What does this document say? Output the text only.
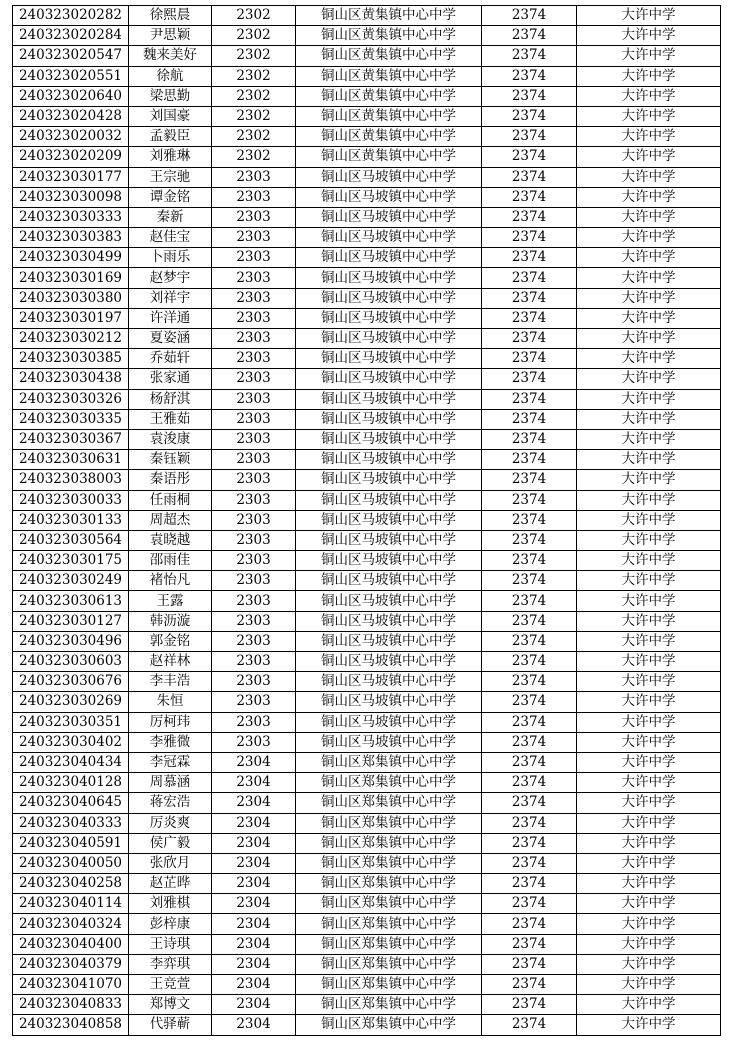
240323020282	徐熙晨	2302	铜山区黄集镇中心中学	2374	大许中学
240323020284	尹思颖	2302	铜山区黄集镇中心中学	2374	大许中学
240323020547	魏来美好	2302	铜山区黄集镇中心中学	2374	大许中学
240323020551	徐航	2302	铜山区黄集镇中心中学	2374	大许中学
240323020640	梁思勤	2302	铜山区黄集镇中心中学	2374	大许中学
240323020428	刘国豪	2302	铜山区黄集镇中心中学	2374	大许中学
240323020032	孟毅臣	2302	铜山区黄集镇中心中学	2374	大许中学
240323020209	刘雅琳	2302	铜山区黄集镇中心中学	2374	大许中学
240323030177	王宗驰	2303	铜山区马坡镇中心中学	2374	大许中学
240323030098	谭金铭	2303	铜山区马坡镇中心中学	2374	大许中学
240323030333	秦新	2303	铜山区马坡镇中心中学	2374	大许中学
240323030383	赵佳宝	2303	铜山区马坡镇中心中学	2374	大许中学
240323030499	卜雨乐	2303	铜山区马坡镇中心中学	2374	大许中学
240323030169	赵梦宇	2303	铜山区马坡镇中心中学	2374	大许中学
240323030380	刘祥宇	2303	铜山区马坡镇中心中学	2374	大许中学
240323030197	许洋通	2303	铜山区马坡镇中心中学	2374	大许中学
240323030212	夏姿涵	2303	铜山区马坡镇中心中学	2374	大许中学
240323030385	乔茹轩	2303	铜山区马坡镇中心中学	2374	大许中学
240323030438	张家通	2303	铜山区马坡镇中心中学	2374	大许中学
240323030326	杨舒淇	2303	铜山区马坡镇中心中学	2374	大许中学
240323030335	王雅茹	2303	铜山区马坡镇中心中学	2374	大许中学
240323030367	袁浚康	2303	铜山区马坡镇中心中学	2374	大许中学
240323030631	秦钰颖	2303	铜山区马坡镇中心中学	2374	大许中学
240323038003	秦语彤	2303	铜山区马坡镇中心中学	2374	大许中学
240323030033	任雨桐	2303	铜山区马坡镇中心中学	2374	大许中学
240323030133	周超杰	2303	铜山区马坡镇中心中学	2374	大许中学
240323030564	袁晓越	2303	铜山区马坡镇中心中学	2374	大许中学
240323030175	邵雨佳	2303	铜山区马坡镇中心中学	2374	大许中学
240323030249	褚怡凡	2303	铜山区马坡镇中心中学	2374	大许中学
240323030613	王露	2303	铜山区马坡镇中心中学	2374	大许中学
240323030127	韩沥漩	2303	铜山区马坡镇中心中学	2374	大许中学
240323030496	郭金铭	2303	铜山区马坡镇中心中学	2374	大许中学
240323030603	赵祥林	2303	铜山区马坡镇中心中学	2374	大许中学
240323030676	李丰浩	2303	铜山区马坡镇中心中学	2374	大许中学
240323030269	朱恒	2303	铜山区马坡镇中心中学	2374	大许中学
240323030351	厉柯玮	2303	铜山区马坡镇中心中学	2374	大许中学
240323030402	李雅微	2303	铜山区马坡镇中心中学	2374	大许中学
240323040434	李冠霖	2304	铜山区郑集镇中心中学	2374	大许中学
240323040128	周慕涵	2304	铜山区郑集镇中心中学	2374	大许中学
240323040645	蒋宏浩	2304	铜山区郑集镇中心中学	2374	大许中学
240323040333	厉炎爽	2304	铜山区郑集镇中心中学	2374	大许中学
240323040591	侯广毅	2304	铜山区郑集镇中心中学	2374	大许中学
240323040050	张欣月	2304	铜山区郑集镇中心中学	2374	大许中学
240323040258	赵芷晔	2304	铜山区郑集镇中心中学	2374	大许中学
240323040114	刘雅棋	2304	铜山区郑集镇中心中学	2374	大许中学
240323040324	彭梓康	2304	铜山区郑集镇中心中学	2374	大许中学
240323040400	王诗琪	2304	铜山区郑集镇中心中学	2374	大许中学
240323040379	李弈琪	2304	铜山区郑集镇中心中学	2374	大许中学
240323041070	王竞萱	2304	铜山区郑集镇中心中学	2374	大许中学
240323040833	郑博文	2304	铜山区郑集镇中心中学	2374	大许中学
240323040858	代驿蕲	2304	铜山区郑集镇中心中学	2374	大许中学
